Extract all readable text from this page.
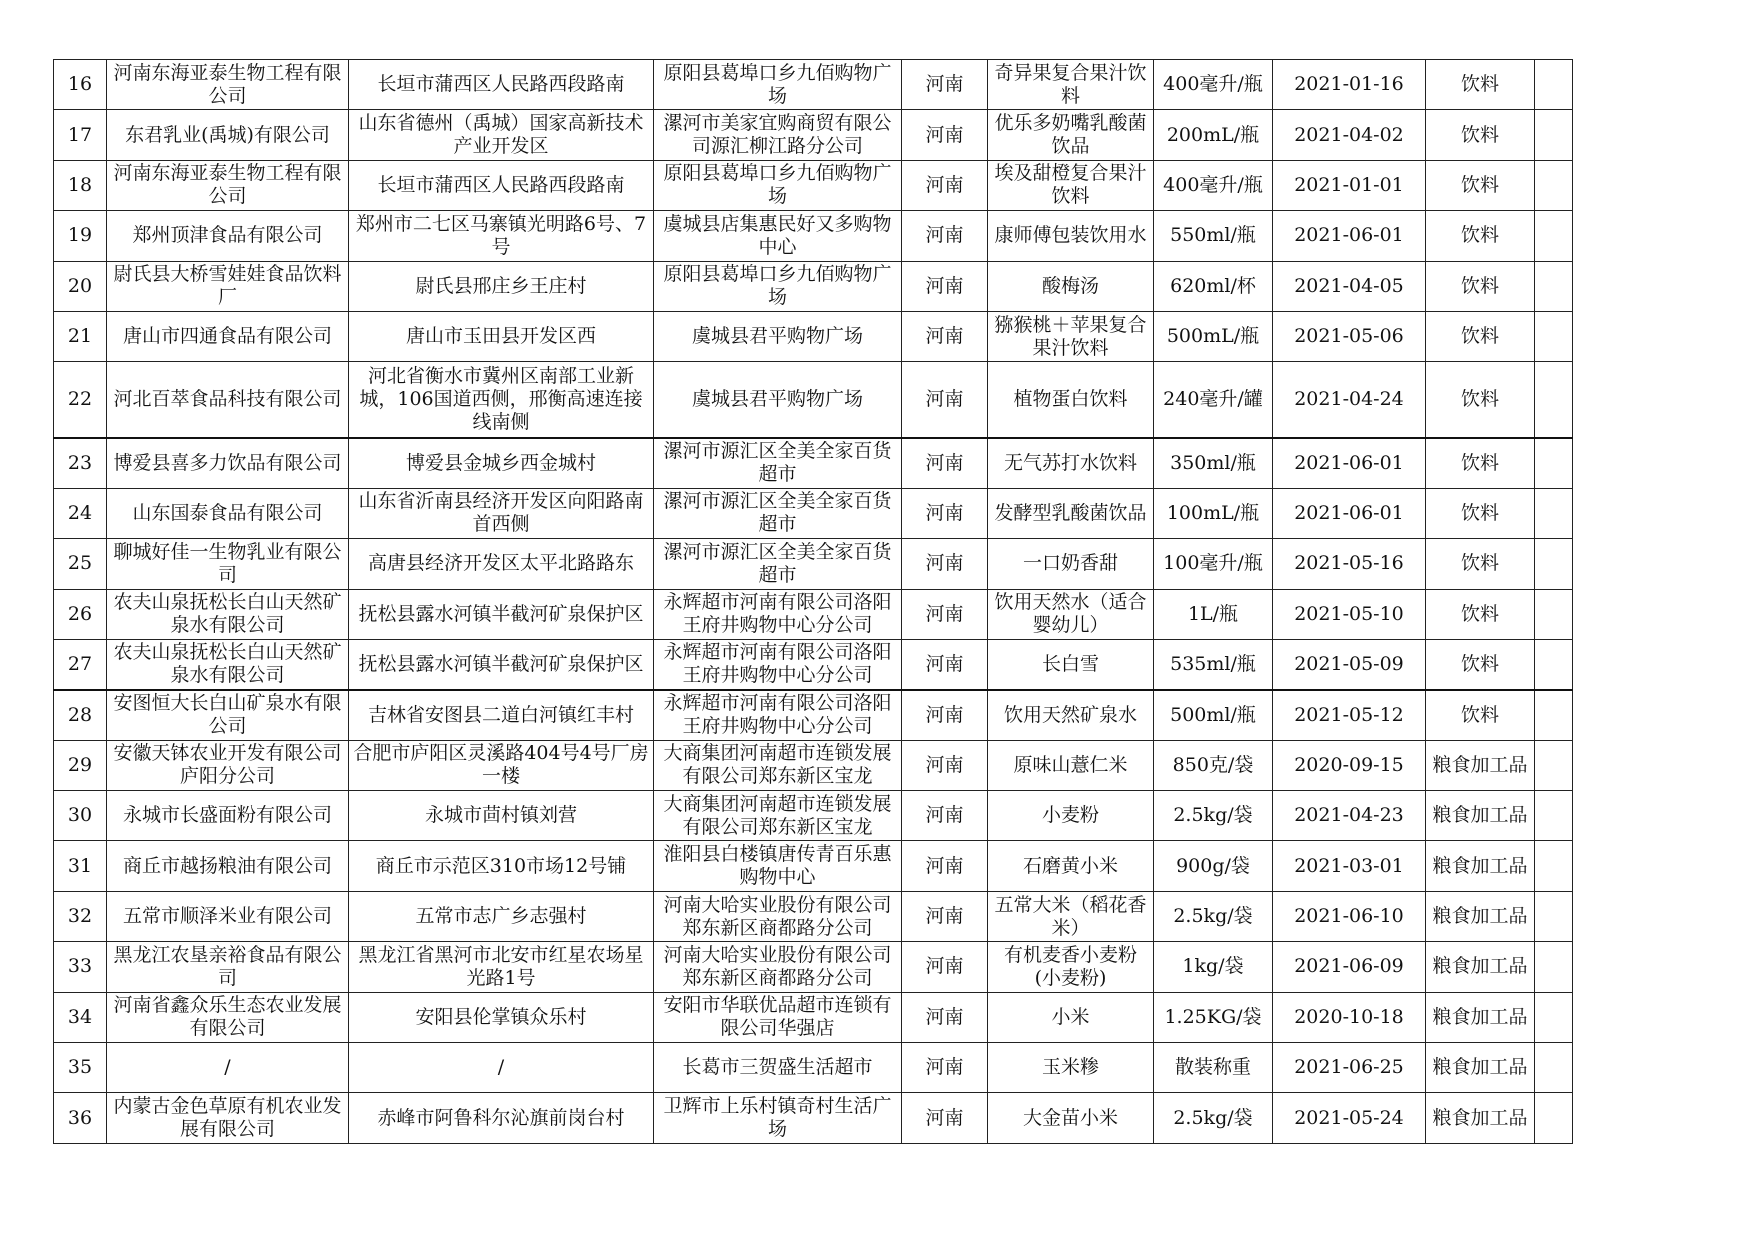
16	河南东海亚泰生物工程有限公司	长垣市蒲西区人民路西段路南	原阳县葛埠口乡九佰购物广场	河南	奇异果复合果汁饮料	400毫升/瓶	2021-01-16	饮料	
17	东君乳业(禹城)有限公司	山东省德州（禹城）国家高新技术产业开发区	漯河市美家宜购商贸有限公司源汇柳江路分公司	河南	优乐多奶嘴乳酸菌饮品	200mL/瓶	2021-04-02	饮料	
18	河南东海亚泰生物工程有限公司	长垣市蒲西区人民路西段路南	原阳县葛埠口乡九佰购物广场	河南	埃及甜橙复合果汁饮料	400毫升/瓶	2021-01-01	饮料	
19	郑州顶津食品有限公司	郑州市二七区马寨镇光明路6号、7号	虞城县店集惠民好又多购物中心	河南	康师傅包装饮用水	550ml/瓶	2021-06-01	饮料	
20	尉氏县大桥雪娃娃食品饮料厂	尉氏县邢庄乡王庄村	原阳县葛埠口乡九佰购物广场	河南	酸梅汤	620ml/杯	2021-04-05	饮料	
21	唐山市四通食品有限公司	唐山市玉田县开发区西	虞城县君平购物广场	河南	猕猴桃＋苹果复合果汁饮料	500mL/瓶	2021-05-06	饮料	
22	河北百萃食品科技有限公司	河北省衡水市冀州区南部工业新城，106国道西侧，邢衡高速连接线南侧	虞城县君平购物广场	河南	植物蛋白饮料	240毫升/罐	2021-04-24	饮料	
23	博爱县喜多力饮品有限公司	博爱县金城乡西金城村	漯河市源汇区全美全家百货超市	河南	无气苏打水饮料	350ml/瓶	2021-06-01	饮料	
24	山东国泰食品有限公司	山东省沂南县经济开发区向阳路南首西侧	漯河市源汇区全美全家百货超市	河南	发酵型乳酸菌饮品	100mL/瓶	2021-06-01	饮料	
25	聊城好佳一生物乳业有限公司	高唐县经济开发区太平北路路东	漯河市源汇区全美全家百货超市	河南	一口奶香甜	100毫升/瓶	2021-05-16	饮料	
26	农夫山泉抚松长白山天然矿泉水有限公司	抚松县露水河镇半截河矿泉保护区	永辉超市河南有限公司洛阳王府井购物中心分公司	河南	饮用天然水（适合婴幼儿）	1L/瓶	2021-05-10	饮料	
27	农夫山泉抚松长白山天然矿泉水有限公司	抚松县露水河镇半截河矿泉保护区	永辉超市河南有限公司洛阳王府井购物中心分公司	河南	长白雪	535ml/瓶	2021-05-09	饮料	
28	安图恒大长白山矿泉水有限公司	吉林省安图县二道白河镇红丰村	永辉超市河南有限公司洛阳王府井购物中心分公司	河南	饮用天然矿泉水	500ml/瓶	2021-05-12	饮料	
29	安徽天钵农业开发有限公司庐阳分公司	合肥市庐阳区灵溪路404号4号厂房一楼	大商集团河南超市连锁发展有限公司郑东新区宝龙	河南	原味山薏仁米	850克/袋	2020-09-15	粮食加工品	
30	永城市长盛面粉有限公司	永城市茴村镇刘营	大商集团河南超市连锁发展有限公司郑东新区宝龙	河南	小麦粉	2.5kg/袋	2021-04-23	粮食加工品	
31	商丘市越扬粮油有限公司	商丘市示范区310市场12号铺	淮阳县白楼镇唐传青百乐惠购物中心	河南	石磨黄小米	900g/袋	2021-03-01	粮食加工品	
32	五常市顺泽米业有限公司	五常市志广乡志强村	河南大哈实业股份有限公司郑东新区商都路分公司	河南	五常大米（稻花香米）	2.5kg/袋	2021-06-10	粮食加工品	
33	黑龙江农垦亲裕食品有限公司	黑龙江省黑河市北安市红星农场星光路1号	河南大哈实业股份有限公司郑东新区商都路分公司	河南	有机麦香小麦粉(小麦粉)	1kg/袋	2021-06-09	粮食加工品	
34	河南省鑫众乐生态农业发展有限公司	安阳县伦掌镇众乐村	安阳市华联优品超市连锁有限公司华强店	河南	小米	1.25KG/袋	2020-10-18	粮食加工品	
35	/	/	长葛市三贺盛生活超市	河南	玉米糁	散装称重	2021-06-25	粮食加工品	
36	内蒙古金色草原有机农业发展有限公司	赤峰市阿鲁科尔沁旗前岗台村	卫辉市上乐村镇奇村生活广场	河南	大金苗小米	2.5kg/袋	2021-05-24	粮食加工品	
